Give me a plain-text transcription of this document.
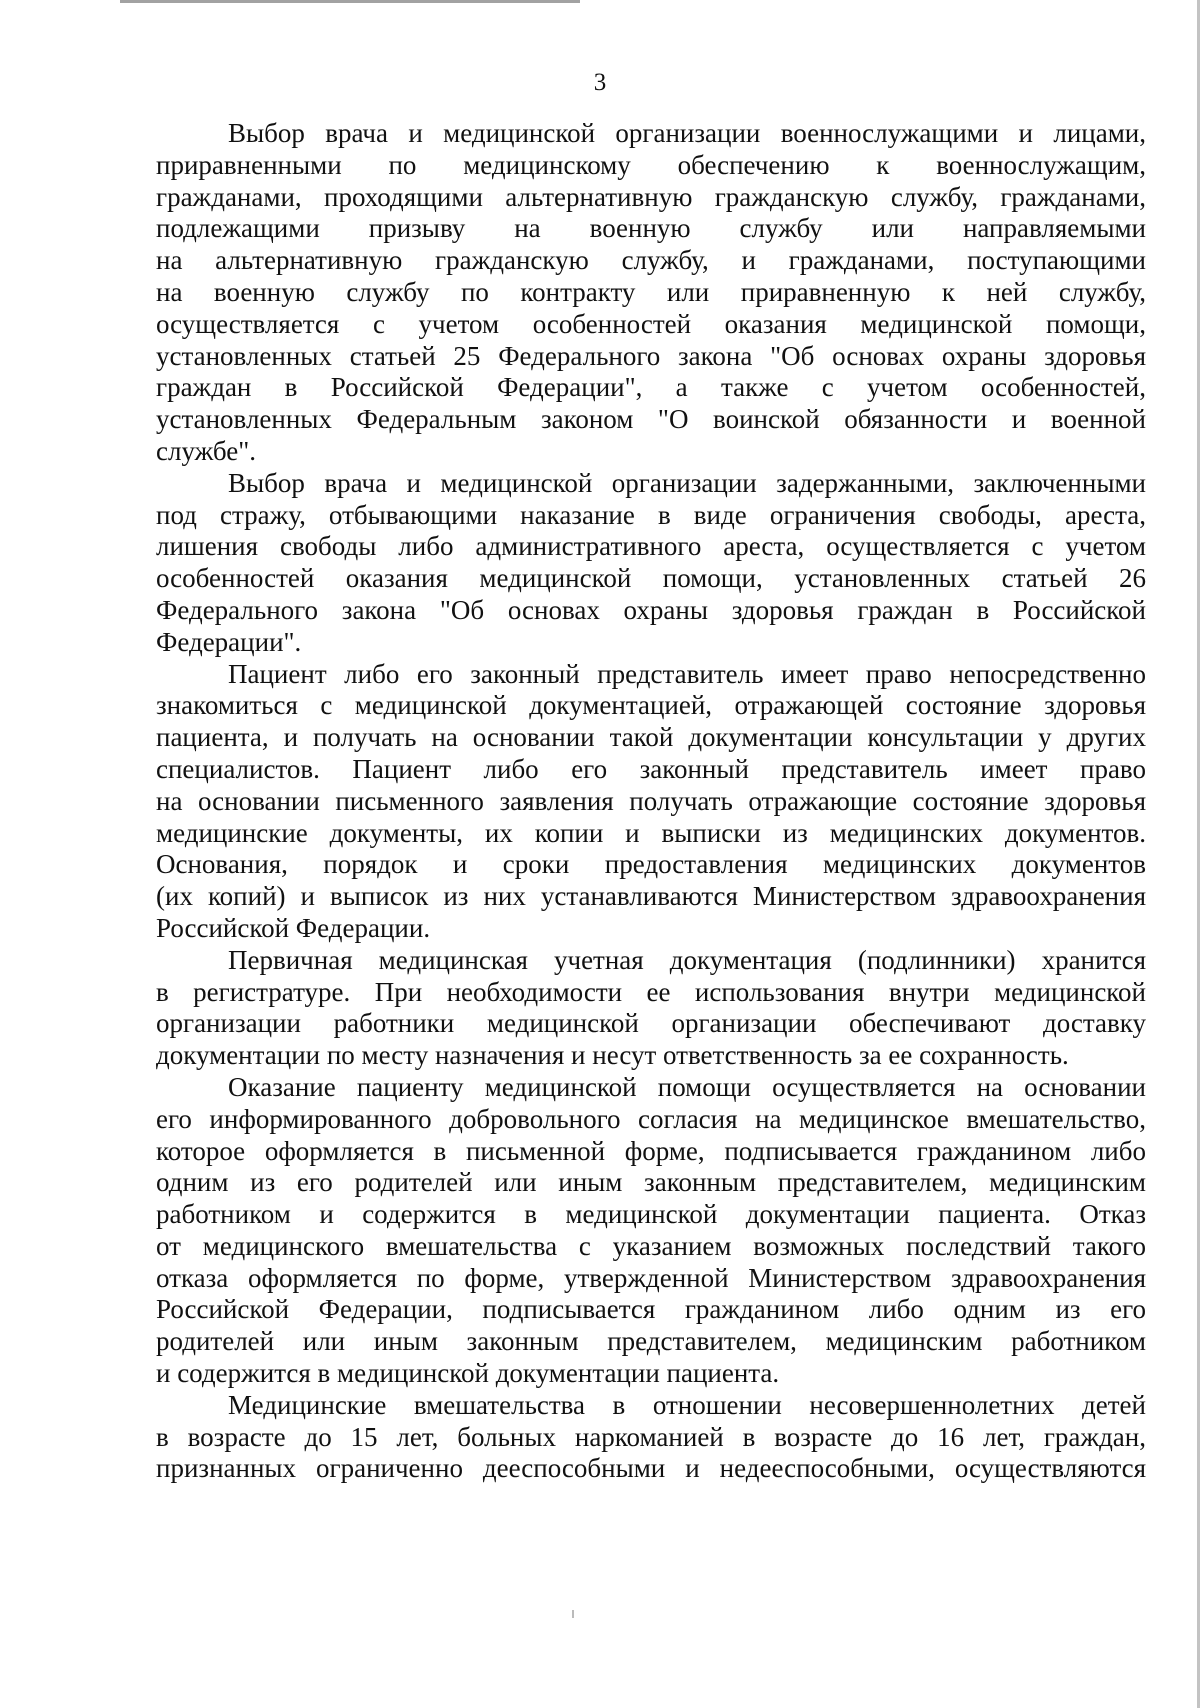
3
Выбор врача и медицинской организации военнослужащими и лицами,
приравненными по медицинскому обеспечению к военнослужащим,
гражданами, проходящими альтернативную гражданскую службу, гражданами,
подлежащими призыву на военную службу или направляемыми
на альтернативную гражданскую службу, и гражданами, поступающими
на военную службу по контракту или приравненную к ней службу,
осуществляется с учетом особенностей оказания медицинской помощи,
установленных статьей 25 Федерального закона "Об основах охраны здоровья
граждан в Российской Федерации", а также с учетом особенностей,
установленных Федеральным законом "О воинской обязанности и военной
службе".
Выбор врача и медицинской организации задержанными, заключенными
под стражу, отбывающими наказание в виде ограничения свободы, ареста,
лишения свободы либо административного ареста, осуществляется с учетом
особенностей оказания медицинской помощи, установленных статьей 26
Федерального закона "Об основах охраны здоровья граждан в Российской
Федерации".
Пациент либо его законный представитель имеет право непосредственно
знакомиться с медицинской документацией, отражающей состояние здоровья
пациента, и получать на основании такой документации консультации у других
специалистов. Пациент либо его законный представитель имеет право
на основании письменного заявления получать отражающие состояние здоровья
медицинские документы, их копии и выписки из медицинских документов.
Основания, порядок и сроки предоставления медицинских документов
(их копий) и выписок из них устанавливаются Министерством здравоохранения
Российской Федерации.
Первичная медицинская учетная документация (подлинники) хранится
в регистратуре. При необходимости ее использования внутри медицинской
организации работники медицинской организации обеспечивают доставку
документации по месту назначения и несут ответственность за ее сохранность.
Оказание пациенту медицинской помощи осуществляется на основании
его информированного добровольного согласия на медицинское вмешательство,
которое оформляется в письменной форме, подписывается гражданином либо
одним из его родителей или иным законным представителем, медицинским
работником и содержится в медицинской документации пациента. Отказ
от медицинского вмешательства с указанием возможных последствий такого
отказа оформляется по форме, утвержденной Министерством здравоохранения
Российской Федерации, подписывается гражданином либо одним из его
родителей или иным законным представителем, медицинским работником
и содержится в медицинской документации пациента.
Медицинские вмешательства в отношении несовершеннолетних детей
в возрасте до 15 лет, больных наркоманией в возрасте до 16 лет, граждан,
признанных ограниченно дееспособными и недееспособными, осуществляются
